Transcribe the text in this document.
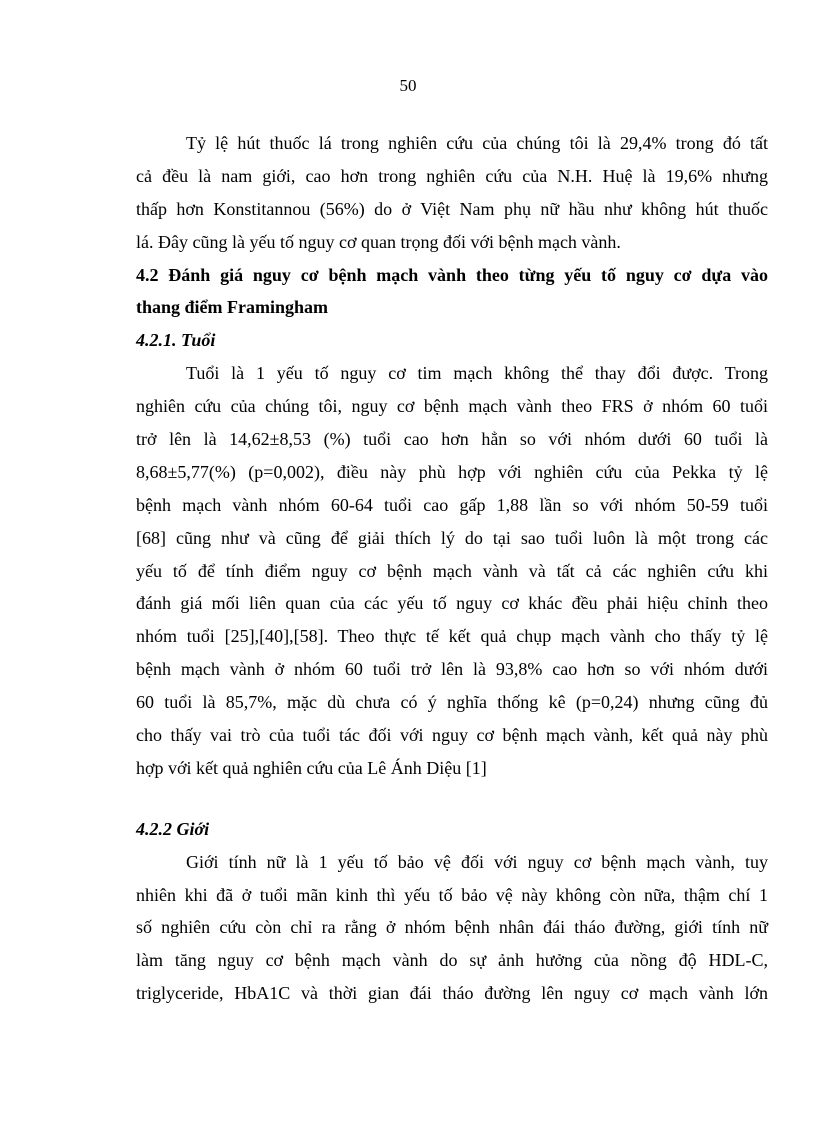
50

Tỷ lệ hút thuốc lá trong nghiên cứu của chúng tôi là 29,4% trong đó tất
cả đều là nam giới, cao hơn trong nghiên cứu của N.H. Huệ là 19,6% nhưng
thấp hơn Konstitannou (56%) do ở Việt Nam phụ nữ hầu như không hút thuốc
lá. Đây cũng là yếu tố nguy cơ quan trọng đối với bệnh mạch vành.
4.2 Đánh giá nguy cơ bệnh mạch vành theo từng yếu tố nguy cơ dựa vào
thang điểm Framingham
4.2.1. Tuổi
Tuổi là 1 yếu tố nguy cơ tim mạch không thể thay đổi được. Trong
nghiên cứu của chúng tôi, nguy cơ bệnh mạch vành theo FRS ở nhóm 60 tuổi
trở lên là 14,62±8,53 (%) tuổi cao hơn hẳn so với nhóm dưới 60 tuổi là
8,68±5,77(%) (p=0,002), điều này phù hợp với nghiên cứu của Pekka tỷ lệ
bệnh mạch vành nhóm 60-64 tuổi cao gấp 1,88 lần so với nhóm 50-59 tuổi
[68] cũng như và cũng để giải thích lý do tại sao tuổi luôn là một trong các
yếu tố để tính điểm nguy cơ bệnh mạch vành và tất cả các nghiên cứu khi
đánh giá mối liên quan của các yếu tố nguy cơ khác đều phải hiệu chỉnh theo
nhóm tuổi [25],[40],[58]. Theo thực tế kết quả chụp mạch vành cho thấy tỷ lệ
bệnh mạch vành ở nhóm 60 tuổi trở lên là 93,8% cao hơn so với nhóm dưới
60 tuổi là 85,7%, mặc dù chưa có ý nghĩa thống kê (p=0,24) nhưng cũng đủ
cho thấy vai trò của tuổi tác đối với nguy cơ bệnh mạch vành, kết quả này phù
hợp với kết quả nghiên cứu của Lê Ánh Diệu [1]
4.2.2 Giới
Giới tính nữ là 1 yếu tố bảo vệ đối với nguy cơ bệnh mạch vành, tuy
nhiên khi đã ở tuổi mãn kinh thì yếu tố bảo vệ này không còn nữa, thậm chí 1
số nghiên cứu còn chỉ ra rằng ở nhóm bệnh nhân đái tháo đường, giới tính nữ
làm tăng nguy cơ bệnh mạch vành do sự ảnh hưởng của nồng độ HDL-C,
triglyceride, HbA1C và thời gian đái tháo đường lên nguy cơ mạch vành lớn
